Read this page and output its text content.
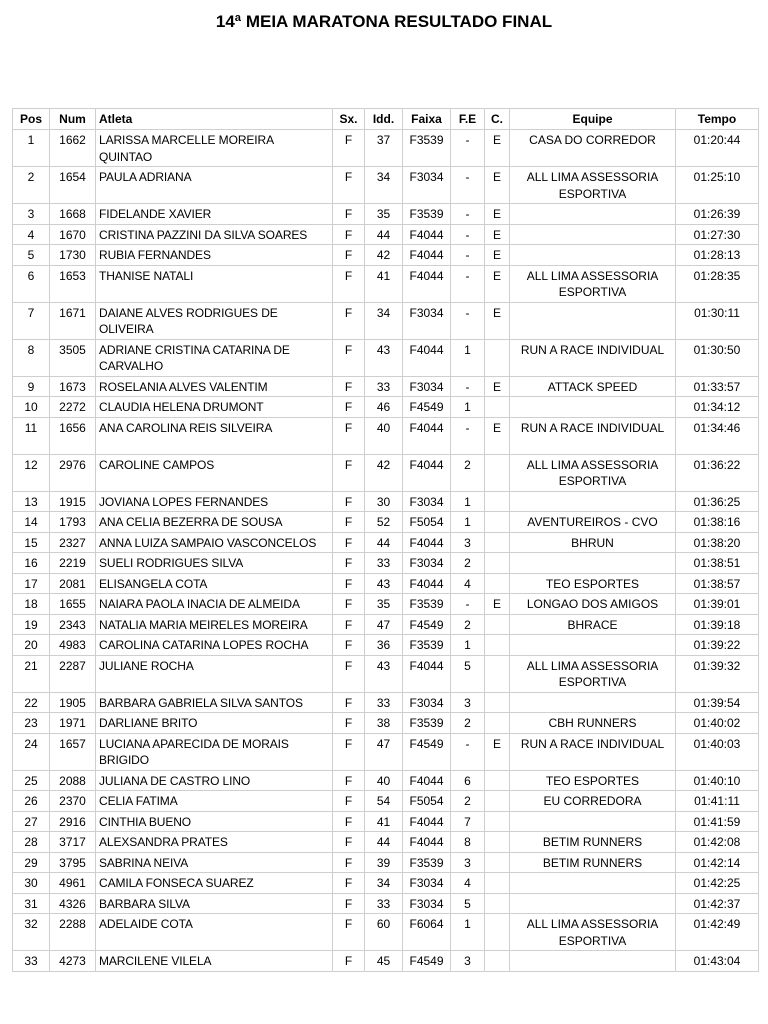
14ª MEIA MARATONA RESULTADO FINAL
Pos	Num	Atleta	Sx.	Idd.	Faixa	F.E	C.	Equipe	Tempo
1	1662	LARISSA MARCELLE MOREIRA QUINTAO	F	37	F3539	-	E	CASA DO CORREDOR	01:20:44
2	1654	PAULA ADRIANA	F	34	F3034	-	E	ALL LIMA ASSESSORIA ESPORTIVA	01:25:10
3	1668	FIDELANDE XAVIER	F	35	F3539	-	E		01:26:39
4	1670	CRISTINA PAZZINI DA SILVA SOARES	F	44	F4044	-	E		01:27:30
5	1730	RUBIA FERNANDES	F	42	F4044	-	E		01:28:13
6	1653	THANISE NATALI	F	41	F4044	-	E	ALL LIMA ASSESSORIA ESPORTIVA	01:28:35
7	1671	DAIANE ALVES RODRIGUES DE OLIVEIRA	F	34	F3034	-	E		01:30:11
8	3505	ADRIANE CRISTINA CATARINA DE CARVALHO	F	43	F4044	1		RUN A RACE INDIVIDUAL	01:30:50
9	1673	ROSELANIA ALVES VALENTIM	F	33	F3034	-	E	ATTACK SPEED	01:33:57
10	2272	CLAUDIA HELENA DRUMONT	F	46	F4549	1			01:34:12
11	1656	ANA CAROLINA REIS SILVEIRA	F	40	F4044	-	E	RUN A RACE INDIVIDUAL	01:34:46
12	2976	CAROLINE CAMPOS	F	42	F4044	2		ALL LIMA ASSESSORIA ESPORTIVA	01:36:22
13	1915	JOVIANA LOPES FERNANDES	F	30	F3034	1			01:36:25
14	1793	ANA CELIA BEZERRA DE SOUSA	F	52	F5054	1		AVENTUREIROS - CVO	01:38:16
15	2327	ANNA LUIZA SAMPAIO VASCONCELOS	F	44	F4044	3		BHRUN	01:38:20
16	2219	SUELI RODRIGUES SILVA	F	33	F3034	2			01:38:51
17	2081	ELISANGELA COTA	F	43	F4044	4		TEO ESPORTES	01:38:57
18	1655	NAIARA PAOLA INACIA DE ALMEIDA	F	35	F3539	-	E	LONGAO DOS AMIGOS	01:39:01
19	2343	NATALIA MARIA MEIRELES MOREIRA	F	47	F4549	2		BHRACE	01:39:18
20	4983	CAROLINA CATARINA LOPES ROCHA	F	36	F3539	1			01:39:22
21	2287	JULIANE ROCHA	F	43	F4044	5		ALL LIMA ASSESSORIA ESPORTIVA	01:39:32
22	1905	BARBARA GABRIELA SILVA SANTOS	F	33	F3034	3			01:39:54
23	1971	DARLIANE BRITO	F	38	F3539	2		CBH RUNNERS	01:40:02
24	1657	LUCIANA APARECIDA DE MORAIS BRIGIDO	F	47	F4549	-	E	RUN A RACE INDIVIDUAL	01:40:03
25	2088	JULIANA DE CASTRO LINO	F	40	F4044	6		TEO ESPORTES	01:40:10
26	2370	CELIA FATIMA	F	54	F5054	2		EU CORREDORA	01:41:11
27	2916	CINTHIA BUENO	F	41	F4044	7			01:41:59
28	3717	ALEXSANDRA PRATES	F	44	F4044	8		BETIM RUNNERS	01:42:08
29	3795	SABRINA NEIVA	F	39	F3539	3		BETIM RUNNERS	01:42:14
30	4961	CAMILA FONSECA SUAREZ	F	34	F3034	4			01:42:25
31	4326	BARBARA SILVA	F	33	F3034	5			01:42:37
32	2288	ADELAIDE COTA	F	60	F6064	1		ALL LIMA ASSESSORIA ESPORTIVA	01:42:49
33	4273	MARCILENE VILELA	F	45	F4549	3			01:43:04
